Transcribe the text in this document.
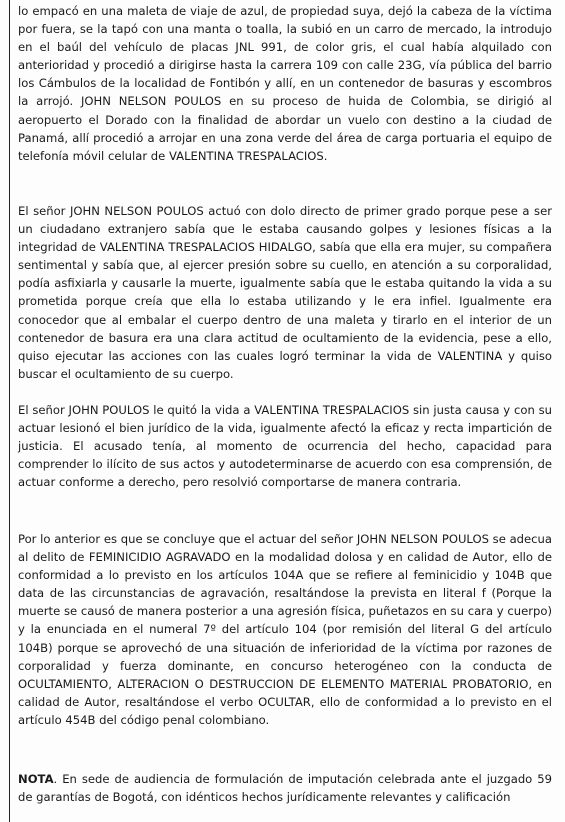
lo empacó en una maleta de viaje de azul, de propiedad suya, dejó la cabeza de la víctima por fuera, se la tapó con una manta o toalla, la subió en un carro de mercado, la introdujo en el baúl del vehículo de placas JNL 991, de color gris, el cual había alquilado con anterioridad y procedió a dirigirse hasta la carrera 109 con calle 23G, vía pública del barrio los Cámbulos de la localidad de Fontibón y allí, en un contenedor de basuras y escombros la arrojó. JOHN NELSON POULOS en su proceso de huida de Colombia, se dirigió al aeropuerto el Dorado con la finalidad de abordar un vuelo con destino a la ciudad de Panamá, allí procedió a arrojar en una zona verde del área de carga portuaria el equipo de telefonía móvil celular de VALENTINA TRESPALACIOS.

El señor JOHN NELSON POULOS actuó con dolo directo de primer grado porque pese a ser un ciudadano extranjero sabía que le estaba causando golpes y lesiones físicas a la integridad de VALENTINA TRESPALACIOS HIDALGO, sabía que ella era mujer, su compañera sentimental y sabía que, al ejercer presión sobre su cuello, en atención a su corporalidad, podía asfixiarla y causarle la muerte, igualmente sabía que le estaba quitando la vida a su prometida porque creía que ella lo estaba utilizando y le era infiel. Igualmente era conocedor que al embalar el cuerpo dentro de una maleta y tirarlo en el interior de un contenedor de basura era una clara actitud de ocultamiento de la evidencia, pese a ello, quiso ejecutar las acciones con las cuales logró terminar la vida de VALENTINA y quiso buscar el ocultamiento de su cuerpo.

El señor JOHN POULOS le quitó la vida a VALENTINA TRESPALACIOS sin justa causa y con su actuar lesionó el bien jurídico de la vida, igualmente afectó la eficaz y recta impartición de justicia. El acusado tenía, al momento de ocurrencia del hecho, capacidad para comprender lo ilícito de sus actos y autodeterminarse de acuerdo con esa comprensión, de actuar conforme a derecho, pero resolvió comportarse de manera contraria.

Por lo anterior es que se concluye que el actuar del señor JOHN NELSON POULOS se adecua al delito de FEMINICIDIO AGRAVADO en la modalidad dolosa y en calidad de Autor, ello de conformidad a lo previsto en los artículos 104A que se refiere al feminicidio y 104B que data de las circunstancias de agravación, resaltándose la prevista en literal f (Porque la muerte se causó de manera posterior a una agresión física, puñetazos en su cara y cuerpo) y la enunciada en el numeral 7º del artículo 104 (por remisión del literal G del artículo 104B) porque se aprovechó de una situación de inferioridad de la víctima por razones de corporalidad y fuerza dominante, en concurso heterogéneo con la conducta de OCULTAMIENTO, ALTERACION O DESTRUCCION DE ELEMENTO MATERIAL PROBATORIO, en calidad de Autor, resaltándose el verbo OCULTAR, ello de conformidad a lo previsto en el artículo 454B del código penal colombiano.

NOTA. En sede de audiencia de formulación de imputación celebrada ante el juzgado 59 de garantías de Bogotá, con idénticos hechos jurídicamente relevantes y calificación
